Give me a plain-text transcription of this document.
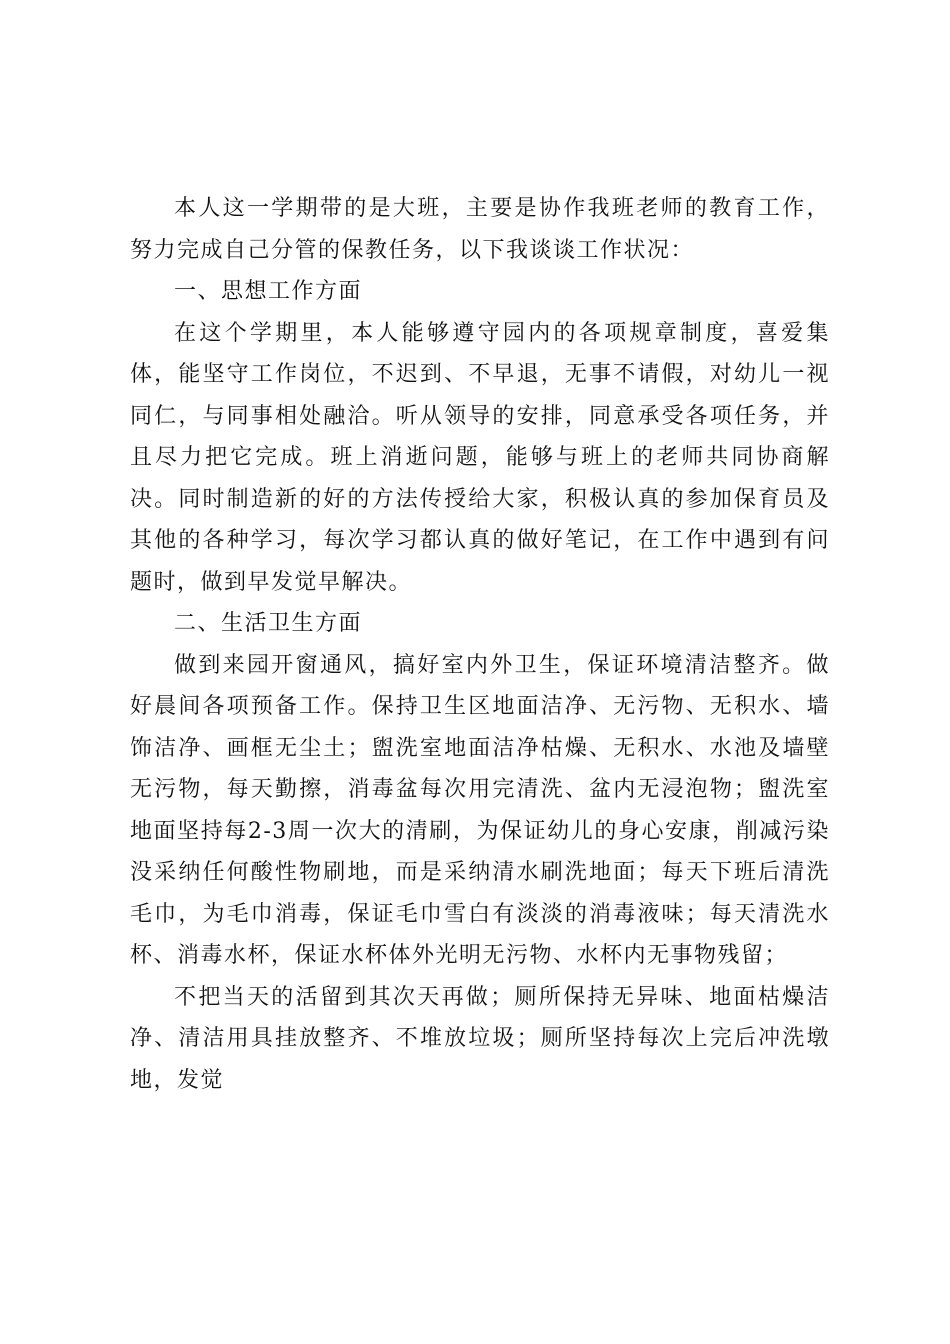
本人这一学期带的是大班，主要是协作我班老师的教育工作，努力完成自己分管的保教任务，以下我谈谈工作状况：

一、思想工作方面

在这个学期里，本人能够遵守园内的各项规章制度，喜爱集体，能坚守工作岗位，不迟到、不早退，无事不请假，对幼儿一视同仁，与同事相处融洽。听从领导的安排，同意承受各项任务，并且尽力把它完成。班上消逝问题，能够与班上的老师共同协商解决。同时制造新的好的方法传授给大家，积极认真的参加保育员及其他的各种学习，每次学习都认真的做好笔记，在工作中遇到有问题时，做到早发觉早解决。

二、生活卫生方面

做到来园开窗通风，搞好室内外卫生，保证环境清洁整齐。做好晨间各项预备工作。保持卫生区地面洁净、无污物、无积水、墙饰洁净、画框无尘土；盥洗室地面洁净枯燥、无积水、水池及墙壁无污物，每天勤擦，消毒盆每次用完清洗、盆内无浸泡物；盥洗室地面坚持每2-3周一次大的清刷，为保证幼儿的身心安康，削减污染没采纳任何酸性物刷地，而是采纳清水刷洗地面；每天下班后清洗毛巾，为毛巾消毒，保证毛巾雪白有淡淡的消毒液味；每天清洗水杯、消毒水杯，保证水杯体外光明无污物、水杯内无事物残留；

不把当天的活留到其次天再做；厕所保持无异味、地面枯燥洁净、清洁用具挂放整齐、不堆放垃圾；厕所坚持每次上完后冲洗墩地，发觉
